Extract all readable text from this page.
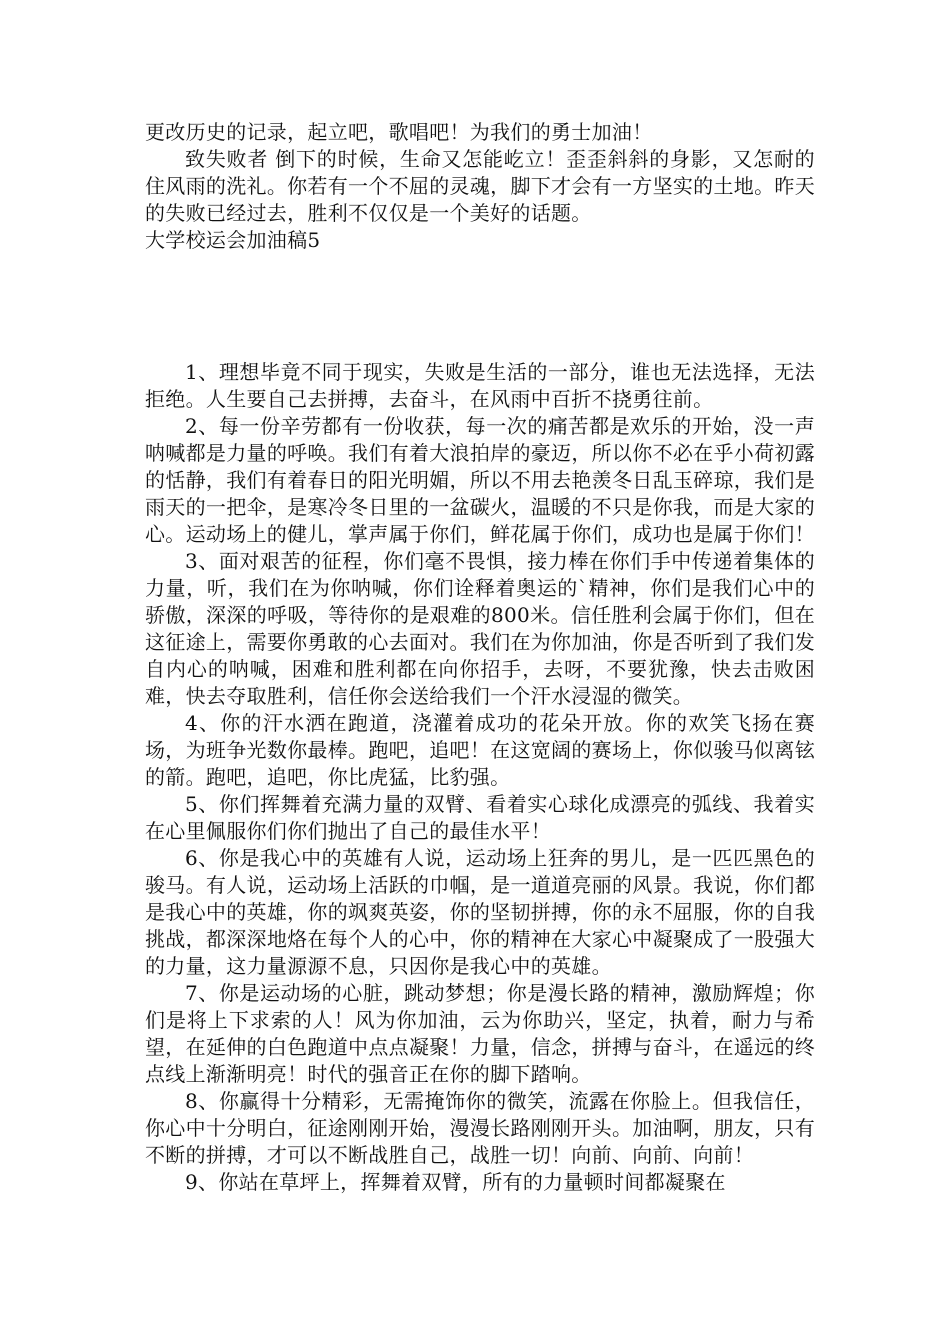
更改历史的记录，起立吧，歌唱吧！为我们的勇士加油！

致失败者 倒下的时候，生命又怎能屹立！歪歪斜斜的身影，又怎耐的住风雨的洗礼。你若有一个不屈的灵魂，脚下才会有一方坚实的土地。昨天的失败已经过去，胜利不仅仅是一个美好的话题。

大学校运会加油稿5

1、理想毕竟不同于现实，失败是生活的一部分，谁也无法选择，无法拒绝。人生要自己去拼搏，去奋斗，在风雨中百折不挠勇往前。

2、每一份辛劳都有一份收获，每一次的痛苦都是欢乐的开始，没一声呐喊都是力量的呼唤。我们有着大浪拍岸的豪迈，所以你不必在乎小荷初露的恬静，我们有着春日的阳光明媚，所以不用去艳羡冬日乱玉碎琼，我们是雨天的一把伞，是寒冷冬日里的一盆碳火，温暖的不只是你我，而是大家的心。运动场上的健儿，掌声属于你们，鲜花属于你们，成功也是属于你们！

3、面对艰苦的征程，你们毫不畏惧，接力棒在你们手中传递着集体的力量，听，我们在为你呐喊，你们诠释着奥运的`精神，你们是我们心中的骄傲，深深的呼吸，等待你的是艰难的800米。信任胜利会属于你们，但在这征途上，需要你勇敢的心去面对。我们在为你加油，你是否听到了我们发自内心的呐喊，困难和胜利都在向你招手，去呀，不要犹豫，快去击败困难，快去夺取胜利，信任你会送给我们一个汗水浸湿的微笑。

4、你的汗水洒在跑道，浇灌着成功的花朵开放。你的欢笑飞扬在赛场，为班争光数你最棒。跑吧，追吧！在这宽阔的赛场上，你似骏马似离铉的箭。跑吧，追吧，你比虎猛，比豹强。

5、你们挥舞着充满力量的双臂、看着实心球化成漂亮的弧线、我着实在心里佩服你们你们抛出了自己的最佳水平！

6、你是我心中的英雄有人说，运动场上狂奔的男儿，是一匹匹黑色的骏马。有人说，运动场上活跃的巾帼，是一道道亮丽的风景。我说，你们都是我心中的英雄，你的飒爽英姿，你的坚韧拼搏，你的永不屈服，你的自我挑战，都深深地烙在每个人的心中，你的精神在大家心中凝聚成了一股强大的力量，这力量源源不息，只因你是我心中的英雄。

7、你是运动场的心脏，跳动梦想；你是漫长路的精神，激励辉煌；你们是将上下求索的人！风为你加油，云为你助兴，坚定，执着，耐力与希望，在延伸的白色跑道中点点凝聚！力量，信念，拼搏与奋斗，在遥远的终点线上渐渐明亮！时代的强音正在你的脚下踏响。

8、你赢得十分精彩，无需掩饰你的微笑，流露在你脸上。但我信任，你心中十分明白，征途刚刚开始，漫漫长路刚刚开头。加油啊，朋友，只有不断的拼搏，才可以不断战胜自己，战胜一切！向前、向前、向前！

9、你站在草坪上，挥舞着双臂，所有的力量顿时间都凝聚在
